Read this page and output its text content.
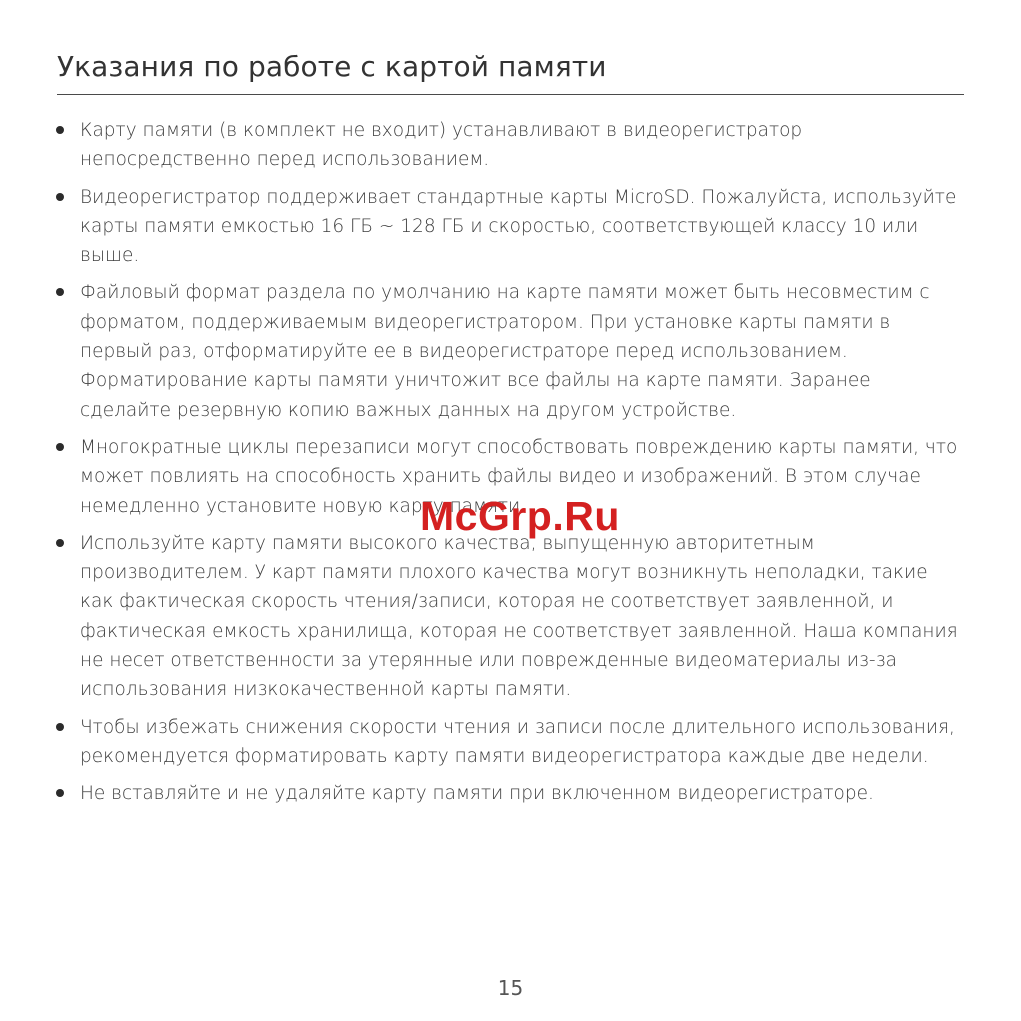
Указания по работе с картой памяти
Карту памяти (в комплект не входит) устанавливают в видеорегистратор непосредственно перед использованием.
Видеорегистратор поддерживает стандартные карты MicroSD. Пожалуйста, используйте карты памяти емкостью 16 ГБ ~ 128 ГБ и скоростью, соответствующей классу 10 или выше.
Файловый формат раздела по умолчанию на карте памяти может быть несовместим с форматом, поддерживаемым видеорегистратором. При установке карты памяти в первый раз, отформатируйте ее в видеорегистраторе перед использованием. Форматирование карты памяти уничтожит все файлы на карте памяти. Заранее сделайте резервную копию важных данных на другом устройстве.
Многократные циклы перезаписи могут способствовать повреждению карты памяти, что может повлиять на способность хранить файлы видео и изображений. В этом случае немедленно установите новую карту памяти.
Используйте карту памяти высокого качества, выпущенную авторитетным производителем. У карт памяти плохого качества могут возникнуть неполадки, такие как фактическая скорость чтения/записи, которая не соответствует заявленной, и фактическая емкость хранилища, которая не соответствует заявленной. Наша компания не несет ответственности за утерянные или поврежденные видеоматериалы из-за использования низкокачественной карты памяти.
Чтобы избежать снижения скорости чтения и записи после длительного использования, рекомендуется форматировать карту памяти видеорегистратора каждые две недели.
Не вставляйте и не удаляйте карту памяти при включенном видеорегистраторе.
McGrp.Ru
15
